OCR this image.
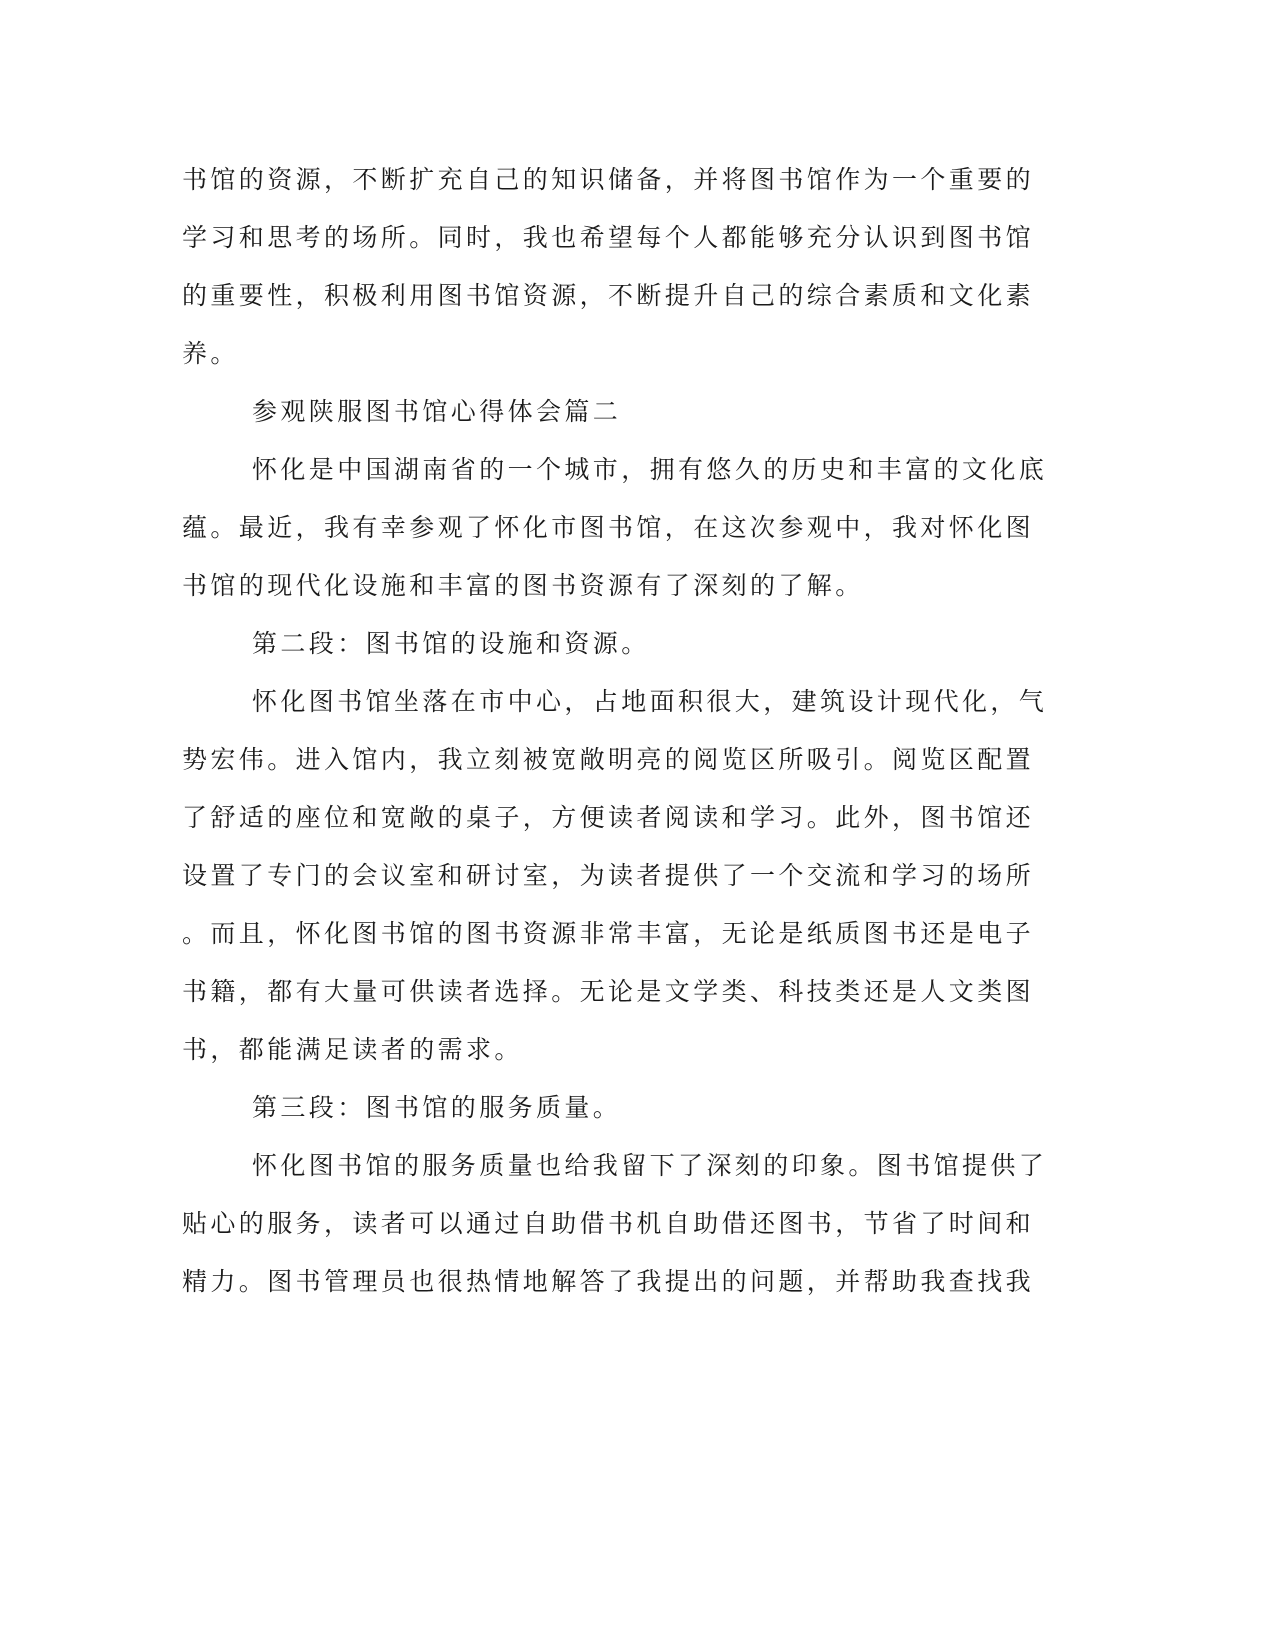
书馆的资源，不断扩充自己的知识储备，并将图书馆作为一个重要的
学习和思考的场所。同时，我也希望每个人都能够充分认识到图书馆
的重要性，积极利用图书馆资源，不断提升自己的综合素质和文化素
养。
参观陕服图书馆心得体会篇二
怀化是中国湖南省的一个城市，拥有悠久的历史和丰富的文化底
蕴。最近，我有幸参观了怀化市图书馆，在这次参观中，我对怀化图
书馆的现代化设施和丰富的图书资源有了深刻的了解。
第二段：图书馆的设施和资源。
怀化图书馆坐落在市中心，占地面积很大，建筑设计现代化，气
势宏伟。进入馆内，我立刻被宽敞明亮的阅览区所吸引。阅览区配置
了舒适的座位和宽敞的桌子，方便读者阅读和学习。此外，图书馆还
设置了专门的会议室和研讨室，为读者提供了一个交流和学习的场所
。而且，怀化图书馆的图书资源非常丰富，无论是纸质图书还是电子
书籍，都有大量可供读者选择。无论是文学类、科技类还是人文类图
书，都能满足读者的需求。
第三段：图书馆的服务质量。
怀化图书馆的服务质量也给我留下了深刻的印象。图书馆提供了
贴心的服务，读者可以通过自助借书机自助借还图书，节省了时间和
精力。图书管理员也很热情地解答了我提出的问题，并帮助我查找我
